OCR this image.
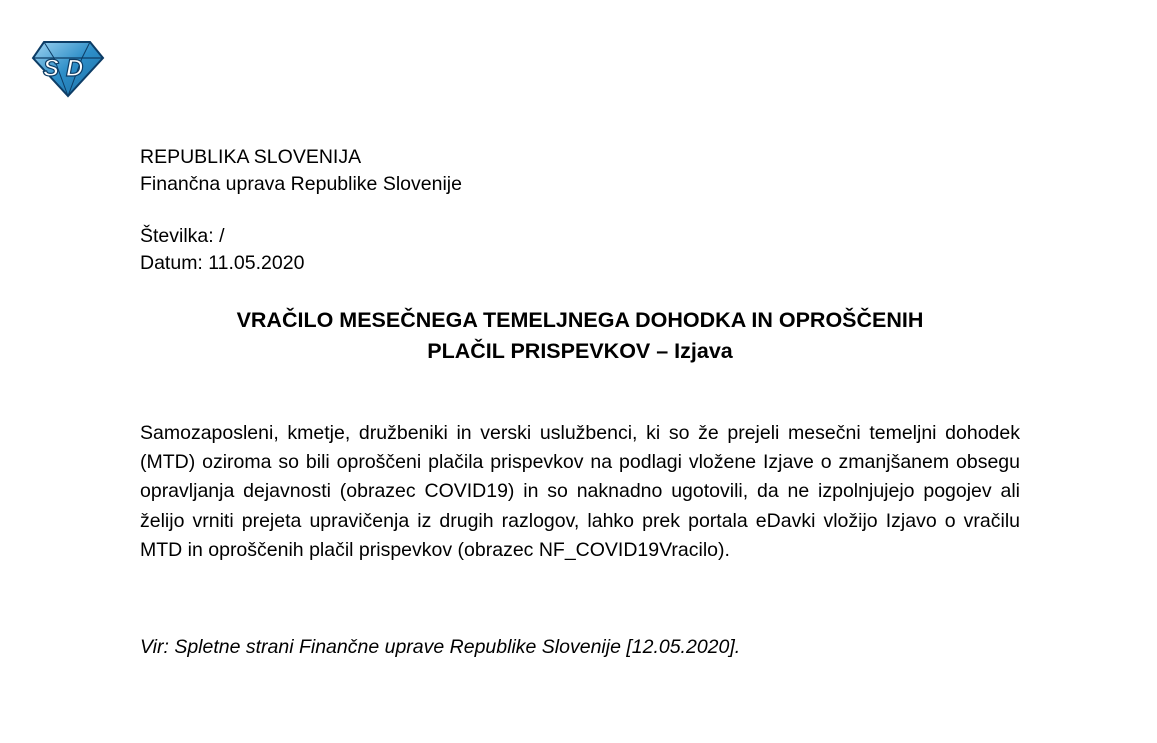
S D
REPUBLIKA SLOVENIJA
Finančna uprava Republike Slovenije
Številka: /
Datum: 11.05.2020
VRAČILO MESEČNEGA TEMELJNEGA DOHODKA IN OPROŠČENIH
PLAČIL PRISPEVKOV – Izjava
Samozaposleni, kmetje, družbeniki in verski uslužbenci, ki so že prejeli mesečni temeljni dohodek (MTD) oziroma so bili oproščeni plačila prispevkov na podlagi vložene Izjave o zmanjšanem obsegu opravljanja dejavnosti (obrazec COVID19) in so naknadno ugotovili, da ne izpolnjujejo pogojev ali želijo vrniti prejeta upravičenja iz drugih razlogov, lahko prek portala eDavki vložijo Izjavo o vračilu MTD in oproščenih plačil prispevkov (obrazec NF_COVID19Vracilo).
Vir: Spletne strani Finančne uprave Republike Slovenije [12.05.2020].
